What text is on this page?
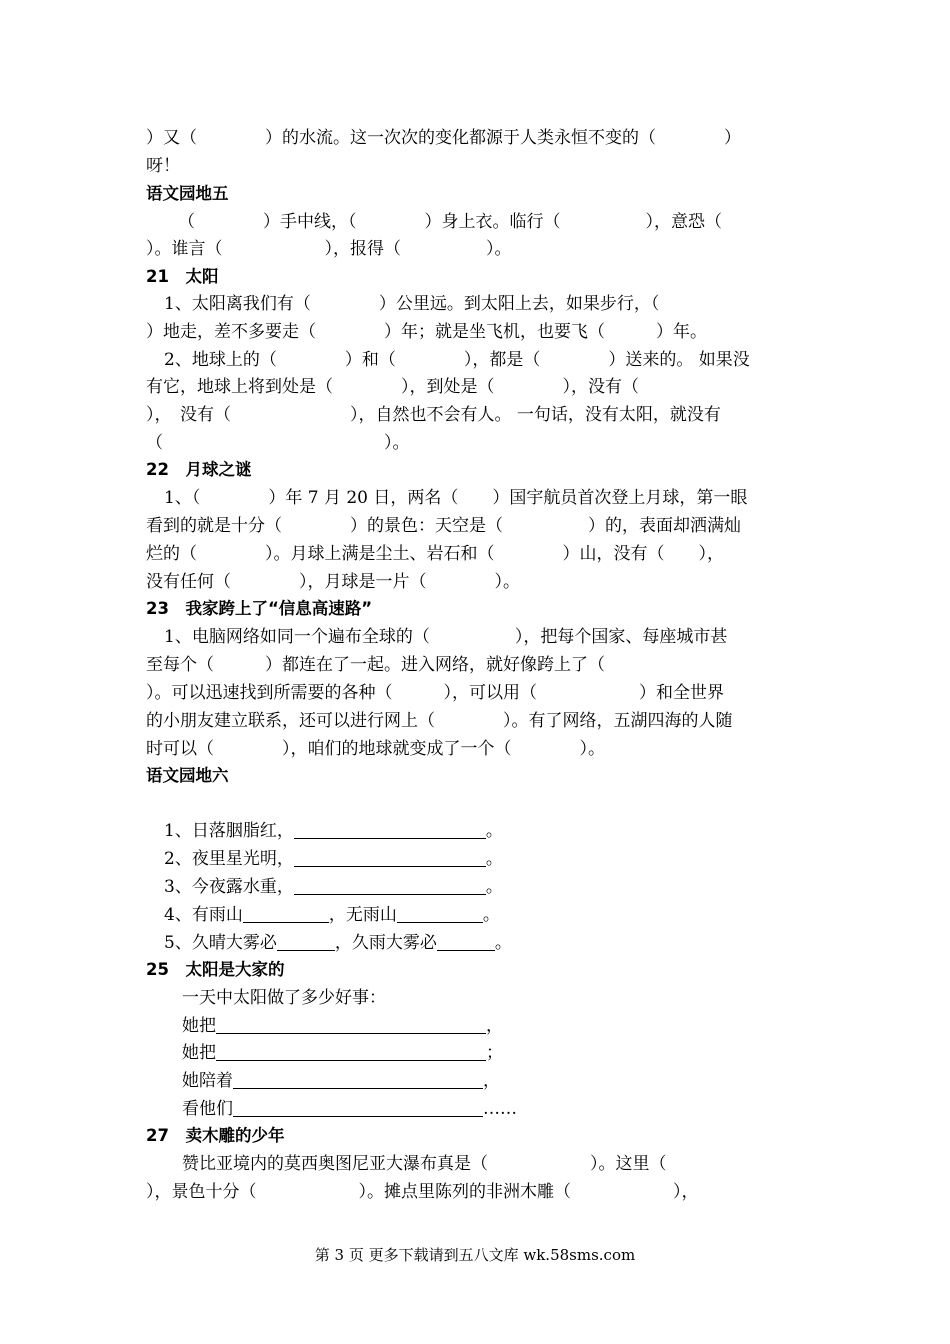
）又（　　　　）的水流。这一次次的变化都源于人类永恒不变的（　　　　）
呀！
语文园地五
（　　　　）手中线，（　　　　）身上衣。临行（　　　　　），意恐（
）。谁言（　　　　　　），报得（　　　　　）。
21　太阳
1、太阳离我们有（　　　　）公里远。到太阳上去，如果步行，（
）地走，差不多要走（　　　　）年；就是坐飞机，也要飞（　　　）年。
2、地球上的（　　　　）和（　　　　），都是（　　　　）送来的。 如果没
有它，地球上将到处是（　　　　），到处是（　　　　），没有（
），　没有（　　　　　　　），自然也不会有人。 一句话，没有太阳，就没有
（　　　　　　　　　　　　　）。
22　月球之谜
1、（　　　　）年 7 月 20 日，两名（　　）国宇航员首次登上月球，第一眼
看到的就是十分（　　　　）的景色：天空是（　　　　　）的，表面却洒满灿
烂的（　　　　）。月球上满是尘土、岩石和（　　　　）山，没有（　　），
没有任何（　　　　），月球是一片（　　　　）。
23　我家跨上了“信息高速路”
1、电脑网络如同一个遍布全球的（　　　　　），把每个国家、每座城市甚
至每个（　　　）都连在了一起。进入网络，就好像跨上了（
）。可以迅速找到所需要的各种（　　　），可以用（　　　　　　）和全世界
的小朋友建立联系，还可以进行网上（　　　　）。有了网络，五湖四海的人随
时可以（　　　　），咱们的地球就变成了一个（　　　　）。
语文园地六
1、日落胭脂红，	。
2、夜里星光明，	。
3、今夜露水重，	。
4、有雨山	，无雨山	。
5、久晴大雾必	，久雨大雾必	。
25　太阳是大家的
一天中太阳做了多少好事：
她把	，
她把	；
她陪着	，
看他们	……
27　卖木雕的少年
赞比亚境内的莫西奥图尼亚大瀑布真是（　　　　　　）。这里（
），景色十分（　　　　　　）。摊点里陈列的非洲木雕（　　　　　　），
第 3 页 更多下载请到五八文库 wk.58sms.com
